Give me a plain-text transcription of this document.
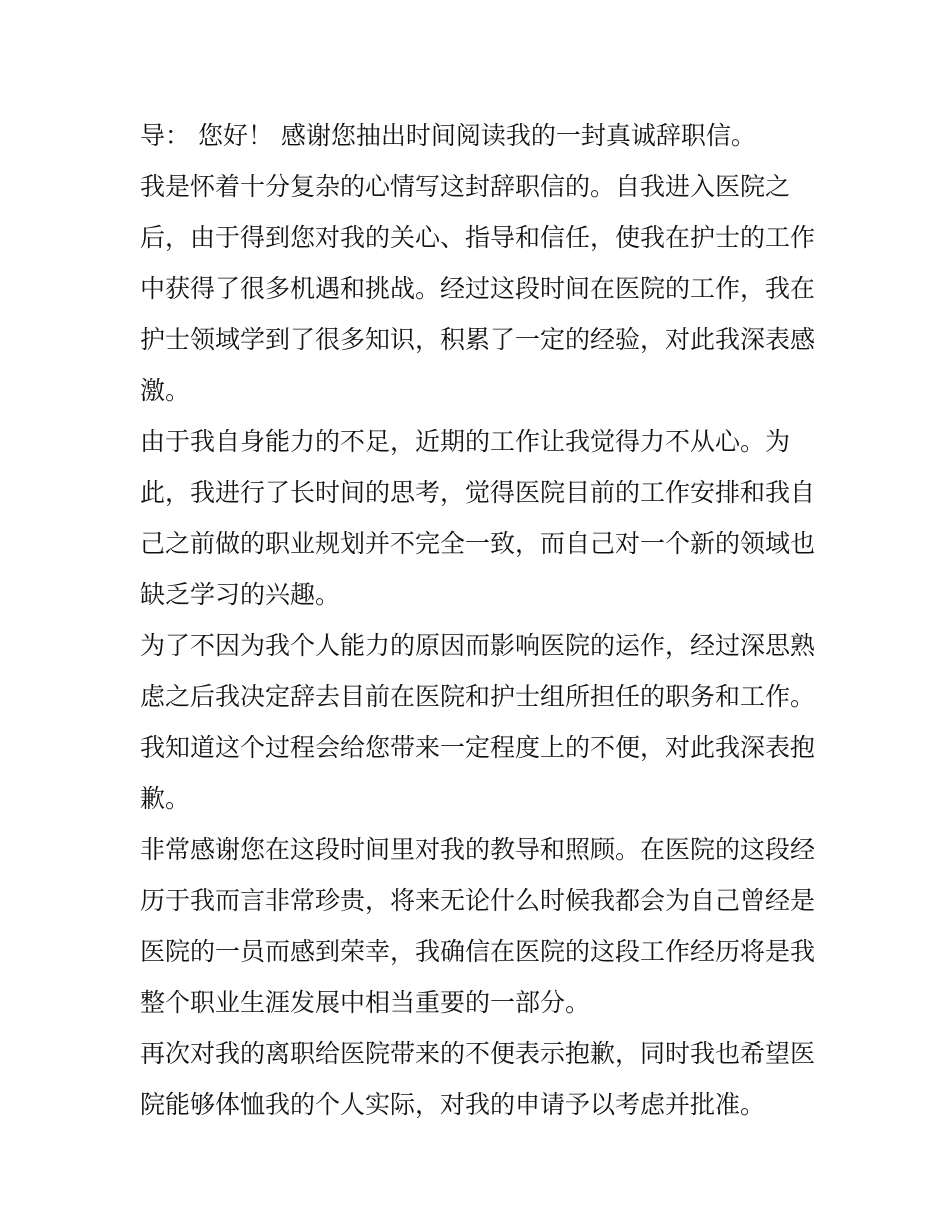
导： 您好！ 感谢您抽出时间阅读我的一封真诚辞职信。
我是怀着十分复杂的心情写这封辞职信的。自我进入医院之
后，由于得到您对我的关心、指导和信任，使我在护士的工作
中获得了很多机遇和挑战。经过这段时间在医院的工作，我在
护士领域学到了很多知识，积累了一定的经验，对此我深表感
激。
由于我自身能力的不足，近期的工作让我觉得力不从心。为
此，我进行了长时间的思考，觉得医院目前的工作安排和我自
己之前做的职业规划并不完全一致，而自己对一个新的领域也
缺乏学习的兴趣。
为了不因为我个人能力的原因而影响医院的运作，经过深思熟
虑之后我决定辞去目前在医院和护士组所担任的职务和工作。
我知道这个过程会给您带来一定程度上的不便，对此我深表抱
歉。
非常感谢您在这段时间里对我的教导和照顾。在医院的这段经
历于我而言非常珍贵，将来无论什么时候我都会为自己曾经是
医院的一员而感到荣幸，我确信在医院的这段工作经历将是我
整个职业生涯发展中相当重要的一部分。
再次对我的离职给医院带来的不便表示抱歉，同时我也希望医
院能够体恤我的个人实际，对我的申请予以考虑并批准。
